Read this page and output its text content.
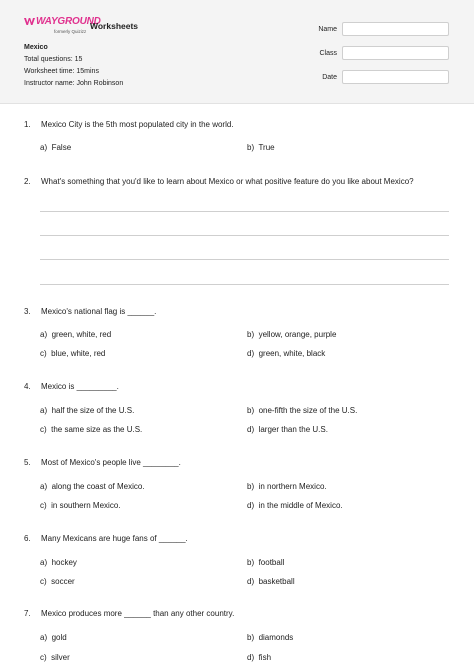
WAYGROUND
formerly Quizizz
Worksheets
Mexico
Total questions: 15
Worksheet time: 15mins
Instructor name: John Robinson
Name
Class
Date
1. Mexico City is the 5th most populated city in the world.
a) False	b) True
2. What's something that you'd like to learn about Mexico or what positive feature do you like about Mexico?
3. Mexico's national flag is ______.
a) green, white, red	b) yellow, orange, purple
c) blue, white, red	d) green, white, black
4. Mexico is _________.
a) half the size of the U.S.	b) one-fifth the size of the U.S.
c) the same size as the U.S.	d) larger than the U.S.
5. Most of Mexico's people live ________.
a) along the coast of Mexico.	b) in northern Mexico.
c) in southern Mexico.	d) in the middle of Mexico.
6. Many Mexicans are huge fans of ______.
a) hockey	b) football
c) soccer	d) basketball
7. Mexico produces more ______ than any other country.
a) gold	b) diamonds
c) silver	d) fish
